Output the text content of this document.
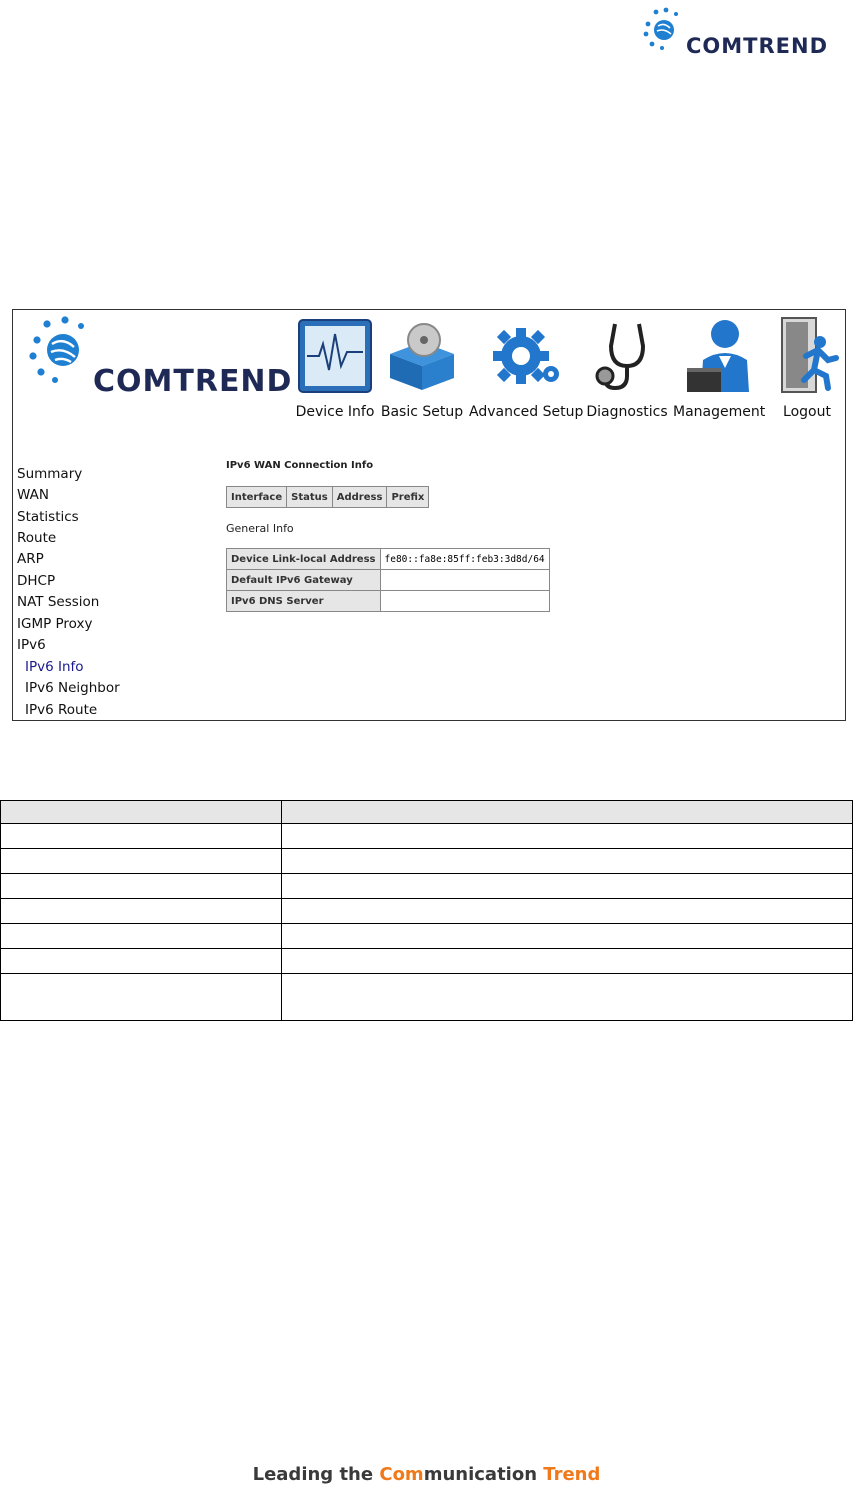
COMTREND
COMTREND
Device Info Basic Setup Advanced Setup Diagnostics Management	Logout
Summary
WAN
Statistics
Route
ARP
DHCP
NAT Session
IGMP Proxy
IPv6
IPv6 Info
IPv6 Neighbor
IPv6 Route
IPv6 WAN Connection Info
Interface	Status	Address	Prefix
General Info
Device Link-local Address	fe80::fa8e:85ff:feb3:3d8d/64
Default IPv6 Gateway	
IPv6 DNS Server	

Leading the Communication Trend
